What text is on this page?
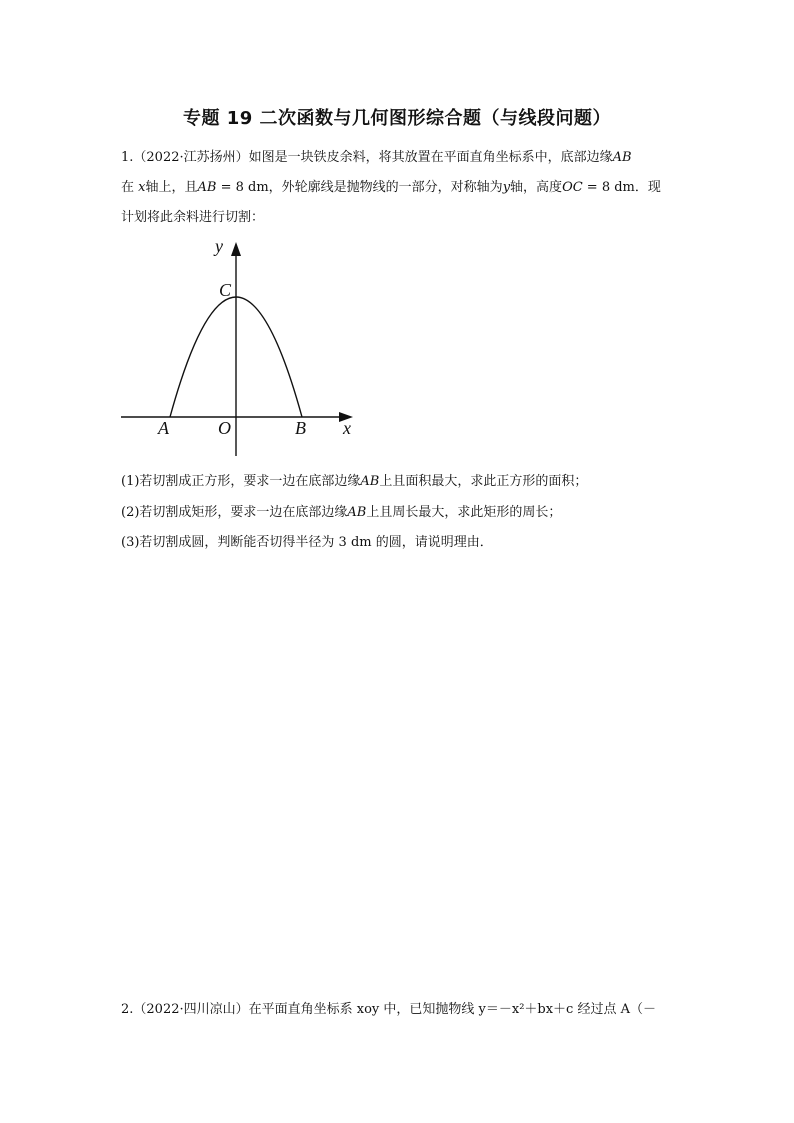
专题 19 二次函数与几何图形综合题（与线段问题）
1.（2022·江苏扬州）如图是一块铁皮余料，将其放置在平面直角坐标系中，底部边缘AB
在 x轴上，且AB = 8 dm，外轮廓线是抛物线的一部分，对称轴为y轴，高度OC = 8 dm．现
计划将此余料进行切割：
y
C
A	O	B x
(1)若切割成正方形，要求一边在底部边缘AB上且面积最大，求此正方形的面积；
(2)若切割成矩形，要求一边在底部边缘AB上且周长最大，求此矩形的周长；
(3)若切割成圆，判断能否切得半径为 3 dm 的圆，请说明理由．
2.（2022·四川凉山）在平面直角坐标系 xoy 中，已知抛物线 y＝－x²＋bx＋c 经过点 A（－
